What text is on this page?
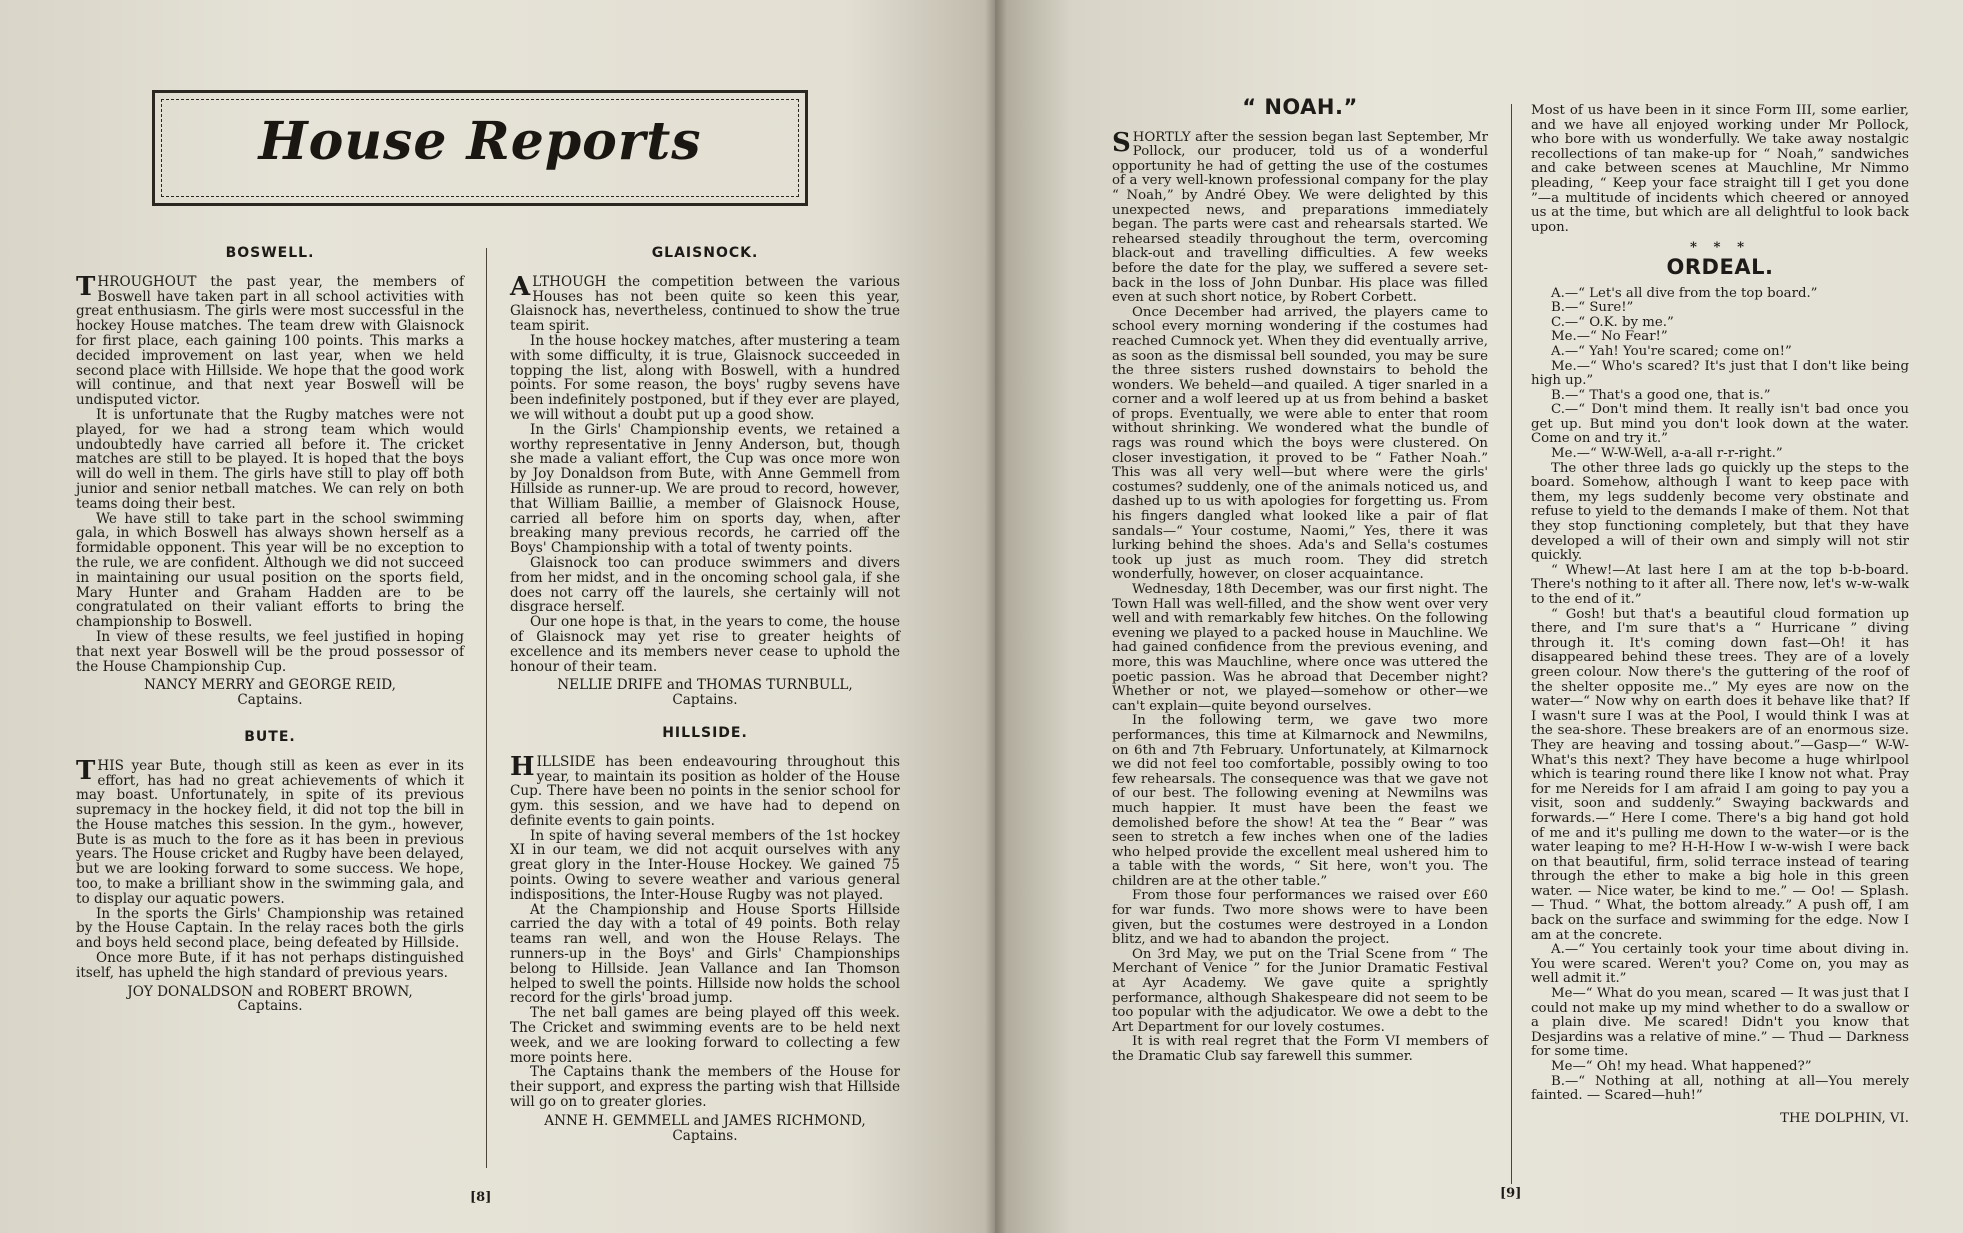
House Reports
BOSWELL.

THROUGHOUT the past year, the members of Boswell have taken part in all school activities with great enthusiasm. The girls were most successful in the hockey House matches. The team drew with Glaisnock for first place, each gaining 100 points. This marks a decided improvement on last year, when we held second place with Hillside. We hope that the good work will continue, and that next year Boswell will be undisputed victor.

It is unfortunate that the Rugby matches were not played, for we had a strong team which would undoubtedly have carried all before it. The cricket matches are still to be played. It is hoped that the boys will do well in them. The girls have still to play off both junior and senior netball matches. We can rely on both teams doing their best.

We have still to take part in the school swimming gala, in which Boswell has always shown herself as a formidable opponent. This year will be no exception to the rule, we are confident. Although we did not succeed in maintaining our usual position on the sports field, Mary Hunter and Graham Hadden are to be congratulated on their valiant efforts to bring the championship to Boswell.

In view of these results, we feel justified in hoping that next year Boswell will be the proud possessor of the House Championship Cup.

NANCY MERRY and GEORGE REID,

Captains.

BUTE.

THIS year Bute, though still as keen as ever in its effort, has had no great achievements of which it may boast. Unfortunately, in spite of its previous supremacy in the hockey field, it did not top the bill in the House matches this session. In the gym., however, Bute is as much to the fore as it has been in previous years. The House cricket and Rugby have been delayed, but we are looking forward to some success. We hope, too, to make a brilliant show in the swimming gala, and to display our aquatic powers.

In the sports the Girls' Championship was retained by the House Captain. In the relay races both the girls and boys held second place, being defeated by Hillside.

Once more Bute, if it has not perhaps distinguished itself, has upheld the high standard of previous years.

JOY DONALDSON and ROBERT BROWN,

Captains.

GLAISNOCK.

ALTHOUGH the competition between the various Houses has not been quite so keen this year, Glaisnock has, nevertheless, continued to show the true team spirit.

In the house hockey matches, after mustering a team with some difficulty, it is true, Glaisnock succeeded in topping the list, along with Boswell, with a hundred points. For some reason, the boys' rugby sevens have been indefinitely postponed, but if they ever are played, we will without a doubt put up a good show.

In the Girls' Championship events, we retained a worthy representative in Jenny Anderson, but, though she made a valiant effort, the Cup was once more won by Joy Donaldson from Bute, with Anne Gemmell from Hillside as runner-up. We are proud to record, however, that William Baillie, a member of Glaisnock House, carried all before him on sports day, when, after breaking many previous records, he carried off the Boys' Championship with a total of twenty points.

Glaisnock too can produce swimmers and divers from her midst, and in the oncoming school gala, if she does not carry off the laurels, she certainly will not disgrace herself.

Our one hope is that, in the years to come, the house of Glaisnock may yet rise to greater heights of excellence and its members never cease to uphold the honour of their team.

NELLIE DRIFE and THOMAS TURNBULL,

Captains.

HILLSIDE.

HILLSIDE has been endeavouring throughout this year, to maintain its position as holder of the House Cup. There have been no points in the senior school for gym. this session, and we have had to depend on definite events to gain points.

In spite of having several members of the 1st hockey XI in our team, we did not acquit ourselves with any great glory in the Inter-House Hockey. We gained 75 points. Owing to severe weather and various general indispositions, the Inter-House Rugby was not played.

At the Championship and House Sports Hillside carried the day with a total of 49 points. Both relay teams ran well, and won the House Relays. The runners-up in the Boys' and Girls' Championships belong to Hillside. Jean Vallance and Ian Thomson helped to swell the points. Hillside now holds the school record for the girls' broad jump.

The net ball games are being played off this week. The Cricket and swimming events are to be held next week, and we are looking forward to collecting a few more points here.

The Captains thank the members of the House for their support, and express the parting wish that Hillside will go on to greater glories.

ANNE H. GEMMELL and JAMES RICHMOND,

Captains.

[8]
“ NOAH.”

SHORTLY after the session began last September, Mr Pollock, our producer, told us of a wonderful opportunity he had of getting the use of the costumes of a very well-known professional company for the play “ Noah,” by André Obey. We were delighted by this unexpected news, and preparations immediately began. The parts were cast and rehearsals started. We rehearsed steadily throughout the term, overcoming black-out and travelling difficulties. A few weeks before the date for the play, we suffered a severe set-back in the loss of John Dunbar. His place was filled even at such short notice, by Robert Corbett.

Once December had arrived, the players came to school every morning wondering if the costumes had reached Cumnock yet. When they did eventually arrive, as soon as the dismissal bell sounded, you may be sure the three sisters rushed downstairs to behold the wonders. We beheld—and quailed. A tiger snarled in a corner and a wolf leered up at us from behind a basket of props. Eventually, we were able to enter that room without shrinking. We wondered what the bundle of rags was round which the boys were clustered. On closer investigation, it proved to be “ Father Noah.” This was all very well—but where were the girls' costumes? suddenly, one of the animals noticed us, and dashed up to us with apologies for forgetting us. From his fingers dangled what looked like a pair of flat sandals—“ Your costume, Naomi,” Yes, there it was lurking behind the shoes. Ada's and Sella's costumes took up just as much room. They did stretch wonderfully, however, on closer acquaintance.

Wednesday, 18th December, was our first night. The Town Hall was well-filled, and the show went over very well and with remarkably few hitches. On the following evening we played to a packed house in Mauchline. We had gained confidence from the previous evening, and more, this was Mauchline, where once was uttered the poetic passion. Was he abroad that December night? Whether or not, we played—somehow or other—we can't explain—quite beyond ourselves.

In the following term, we gave two more performances, this time at Kilmarnock and Newmilns, on 6th and 7th February. Unfortunately, at Kilmarnock we did not feel too comfortable, possibly owing to too few rehearsals. The consequence was that we gave not of our best. The following evening at Newmilns was much happier. It must have been the feast we demolished before the show! At tea the “ Bear ” was seen to stretch a few inches when one of the ladies who helped provide the excellent meal ushered him to a table with the words, “ Sit here, won't you. The children are at the other table.”

From those four performances we raised over £60 for war funds. Two more shows were to have been given, but the costumes were destroyed in a London blitz, and we had to abandon the project.

On 3rd May, we put on the Trial Scene from “ The Merchant of Venice ” for the Junior Dramatic Festival at Ayr Academy. We gave quite a sprightly performance, although Shakespeare did not seem to be too popular with the adjudicator. We owe a debt to the Art Department for our lovely costumes.

It is with real regret that the Form VI members of the Dramatic Club say farewell this summer.

Most of us have been in it since Form III, some earlier, and we have all enjoyed working under Mr Pollock, who bore with us wonderfully. We take away nostalgic recollections of tan make-up for “ Noah,” sandwiches and cake between scenes at Mauchline, Mr Nimmo pleading, “ Keep your face straight till I get you done ”—a multitude of incidents which cheered or annoyed us at the time, but which are all delightful to look back upon.

* * *
ORDEAL.

A.—“ Let's all dive from the top board.”

B.—“ Sure!”

C.—“ O.K. by me.”

Me.—“ No Fear!”

A.—“ Yah! You're scared; come on!”

Me.—“ Who's scared? It's just that I don't like being high up.”

B.—“ That's a good one, that is.”

C.—“ Don't mind them. It really isn't bad once you get up. But mind you don't look down at the water. Come on and try it.”

Me.—“ W-W-Well, a-a-all r-r-right.”

The other three lads go quickly up the steps to the board. Somehow, although I want to keep pace with them, my legs suddenly become very obstinate and refuse to yield to the demands I make of them. Not that they stop functioning completely, but that they have developed a will of their own and simply will not stir quickly.

“ Whew!—At last here I am at the top b-b-board. There's nothing to it after all. There now, let's w-w-walk to the end of it.”

“ Gosh! but that's a beautiful cloud formation up there, and I'm sure that's a “ Hurricane ” diving through it. It's coming down fast—Oh! it has disappeared behind these trees. They are of a lovely green colour. Now there's the guttering of the roof of the shelter opposite me..” My eyes are now on the water—“ Now why on earth does it behave like that? If I wasn't sure I was at the Pool, I would think I was at the sea-shore. These breakers are of an enormous size. They are heaving and tossing about.”—Gasp—“ W-W-What's this next? They have become a huge whirlpool which is tearing round there like I know not what. Pray for me Nereids for I am afraid I am going to pay you a visit, soon and suddenly.” Swaying backwards and forwards.—“ Here I come. There's a big hand got hold of me and it's pulling me down to the water—or is the water leaping to me? H-H-How I w-w-wish I were back on that beautiful, firm, solid terrace instead of tearing through the ether to make a big hole in this green water. — Nice water, be kind to me.” — Oo! — Splash. — Thud. “ What, the bottom already.” A push off, I am back on the surface and swimming for the edge. Now I am at the concrete.

A.—“ You certainly took your time about diving in. You were scared. Weren't you? Come on, you may as well admit it.”

Me—“ What do you mean, scared — It was just that I could not make up my mind whether to do a swallow or a plain dive. Me scared! Didn't you know that Desjardins was a relative of mine.” — Thud — Darkness for some time.

Me—“ Oh! my head. What happened?”

B.—“ Nothing at all, nothing at all—You merely fainted. — Scared—huh!”

THE DOLPHIN, VI.

[9]
